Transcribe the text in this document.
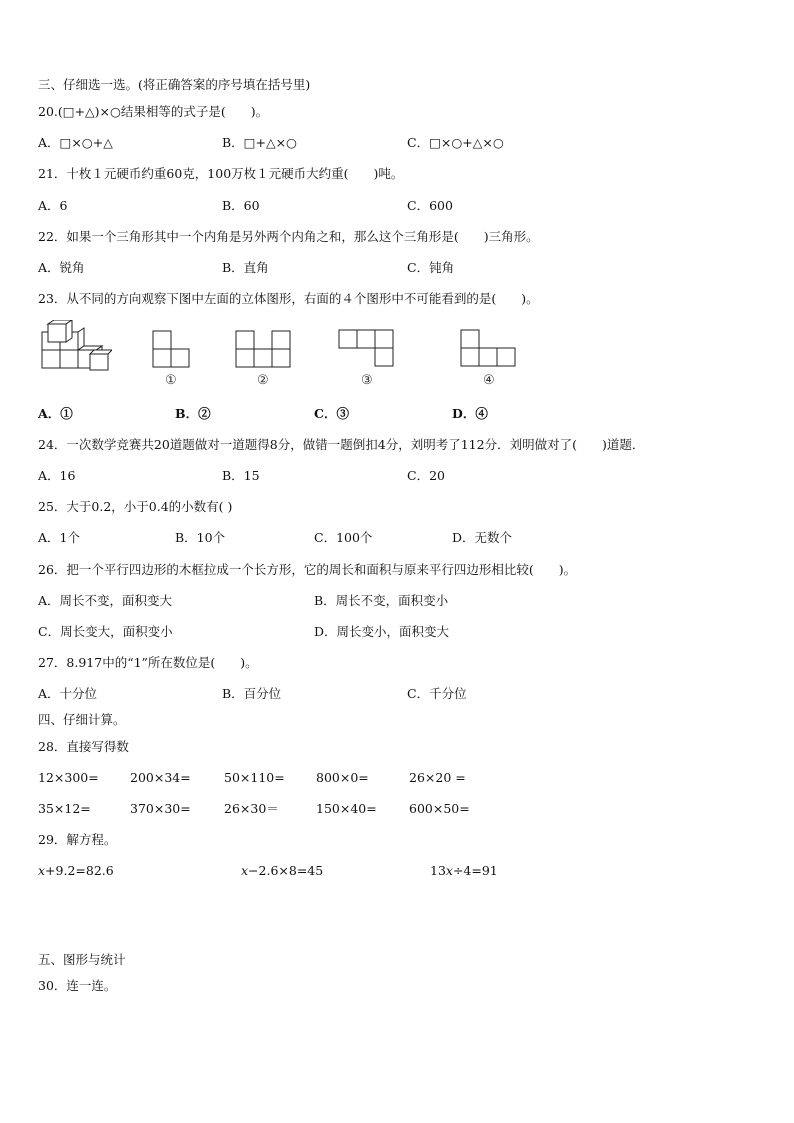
三、仔细选一选。(将正确答案的序号填在括号里)
20.(□+△)×○结果相等的式子是(　　)。
A．□×○+△	B．□+△×○	C．□×○+△×○
21．十枚１元硬币约重60克，100万枚１元硬币大约重(　　)吨。
A．6	B．60	C．600
22．如果一个三角形其中一个内角是另外两个内角之和，那么这个三角形是(　　)三角形。
A．锐角	B．直角	C．钝角
23．从不同的方向观察下图中左面的立体图形，右面的４个图形中不可能看到的是(　　)。
①	②	③	④
A．①	B．②	C．③	D．④
24．一次数学竞赛共20道题做对一道题得8分，做错一题倒扣4分，刘明考了112分．刘明做对了(　　)道题．
A．16	B．15	C．20
25．大于0.2，小于0.4的小数有( )
A．1个	B．10个	C．100个	D．无数个
26．把一个平行四边形的木框拉成一个长方形，它的周长和面积与原来平行四边形相比较(　　)。
A．周长不变，面积变大	B．周长不变，面积变小
C．周长变大，面积变小	D．周长变小，面积变大
27．8.917中的“1”所在数位是(　　)。
A．十分位	B．百分位	C．千分位
四、仔细计算。
28．直接写得数
12×300=	200×34=	50×110=	800×0=	26×20 =
35×12=	370×30=	26×30＝	150×40=	600×50=
29．解方程。
𝑥+9.2=82.6	𝑥−2.6×8=45	13𝑥÷4=91
五、图形与统计
30．连一连。
